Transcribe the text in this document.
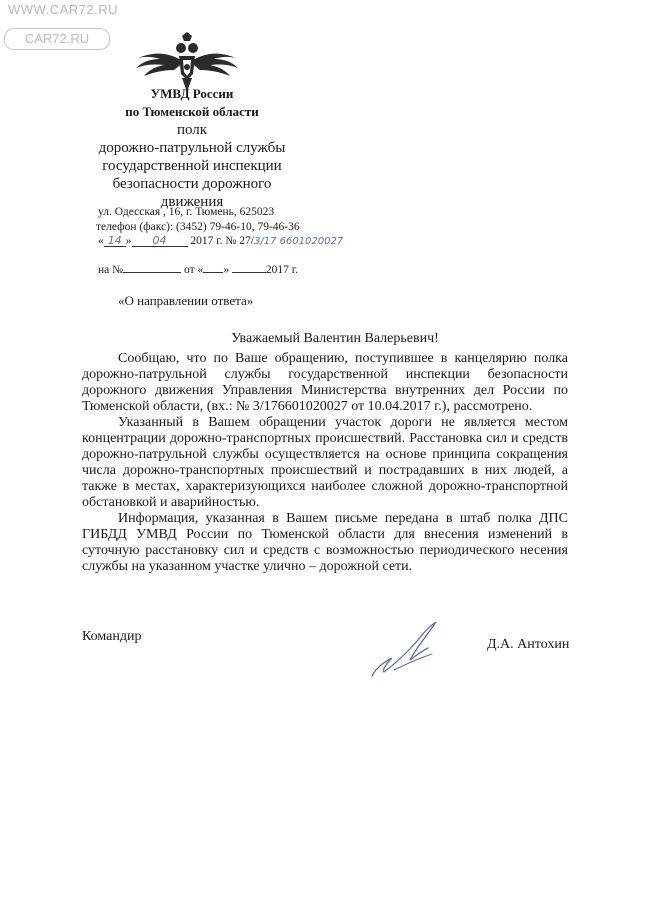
WWW.CAR72.RU
CAR72.RU
УМВД России
по Тюменской области
полк
дорожно-патрульной службы
государственной инспекции
безопасности дорожного
движения
ул. Одесская , 16, г. Тюмень, 625023
телефон (факс): (3452) 79-46-10, 79-46-36
« 14 » 04 2017 г. № 27/3/17 6601020027
на №	от « »	2017 г.
«О направлении ответа»
Уважаемый Валентин Валерьевич!

Сообщаю, что по Ваше обращению, поступившее в канцелярию полка дорожно-патрульной службы государственной инспекции безопасности дорожного движения Управления Министерства внутренних дел России по Тюменской области, (вх.: № 3/176601020027 от 10.04.2017 г.), рассмотрено.

Указанный в Вашем обращении участок дороги не является местом концентрации дорожно-транспортных происшествий. Расстановка сил и средств дорожно-патрульной службы осуществляется на основе принципа сокращения числа дорожно-транспортных происшествий и пострадавших в них людей, а также в местах, характеризующихся наиболее сложной дорожно-транспортной обстановкой и аварийностью.

Информация, указанная в Вашем письме передана в штаб полка ДПС ГИБДД УМВД России по Тюменской области для внесения изменений в суточную расстановку сил и средств с возможностью периодического несения службы на указанном участке улично – дорожной сети.

Командир
Д.А. Антохин
